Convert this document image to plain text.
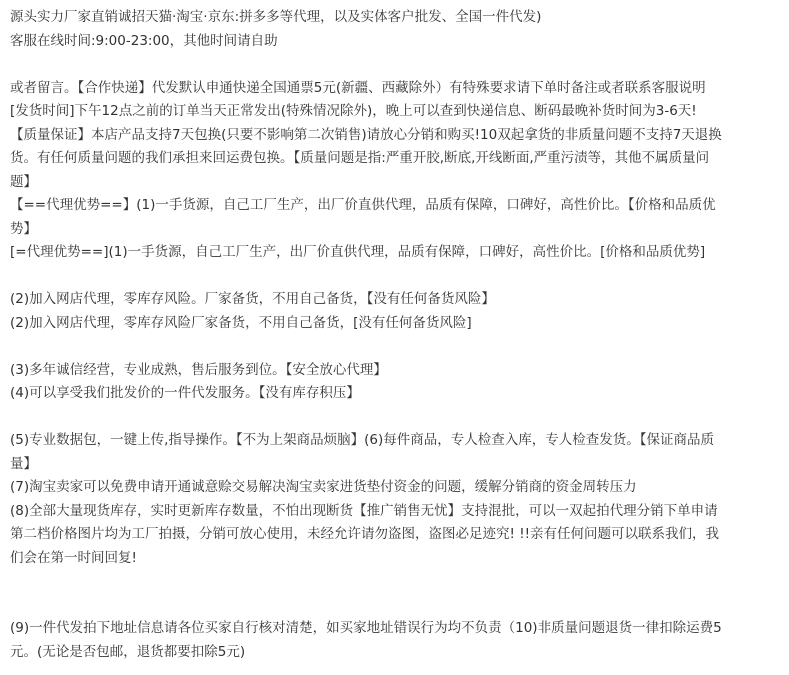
源头实力厂家直销诚招天猫·淘宝·京东:拼多多等代理，以及实体客户批发、全国一件代发)

客服在线时间:9:00-23:00，其他时间请自助

或者留言。【合作快递】代发默认申通快递全国通票5元(新疆、西藏除外）有特殊要求请下单时备注或者联系客服说明

[发货时间]下午12点之前的订单当天正常发出(特殊情况除外)，晚上可以查到快递信息、断码最晚补货时间为3-6天!

【质量保证】本店产品支持7天包换(只要不影响第二次销售)请放心分销和购买!10双起拿货的非质量问题不支持7天退换货。有任何质量问题的我们承担来回运费包换。【质量问题是指:严重开胶,断底,开线断面,严重污渍等，其他不属质量问题】

【==代理优势==】(1)一手货源，自己工厂生产，出厂价直供代理，品质有保障，口碑好，高性价比。【价格和品质优势】

[=代理优势==](1)一手货源，自己工厂生产，出厂价直供代理，品质有保障，口碑好，高性价比。[价格和品质优势]

(2)加入网店代理，零库存风险。厂家备货，不用自己备货，【没有任何备货风险】

(2)加入网店代理，零库存风险厂家备货，不用自己备货，[没有任何备货风险]

(3)多年诚信经营，专业成熟，售后服务到位。【安全放心代理】

(4)可以享受我们批发价的一件代发服务。【没有库存积压】

(5)专业数据包，一键上传,指导操作。【不为上架商品烦脑】(6)每件商品，专人检查入库，专人检查发货。【保证商品质量】

(7)淘宝卖家可以免费申请开通诚意赊交易解决淘宝卖家进货垫付资金的问题，缓解分销商的资金周转压力

(8)全部大量现货库存，实时更新库存数量，不怕出现断货【推广销售无忧】支持混批，可以一双起拍代理分销下单申请第二档价格图片均为工厂拍摄，分销可放心使用，未经允许请勿盗图，盗图必足迹究! !!亲有任何问题可以联系我们，我们会在第一时间回复!

(9)一件代发拍下地址信息请各位买家自行核对清楚，如买家地址错误行为均不负责（10)非质量问题退货一律扣除运费5元。(无论是否包邮，退货都要扣除5元)
